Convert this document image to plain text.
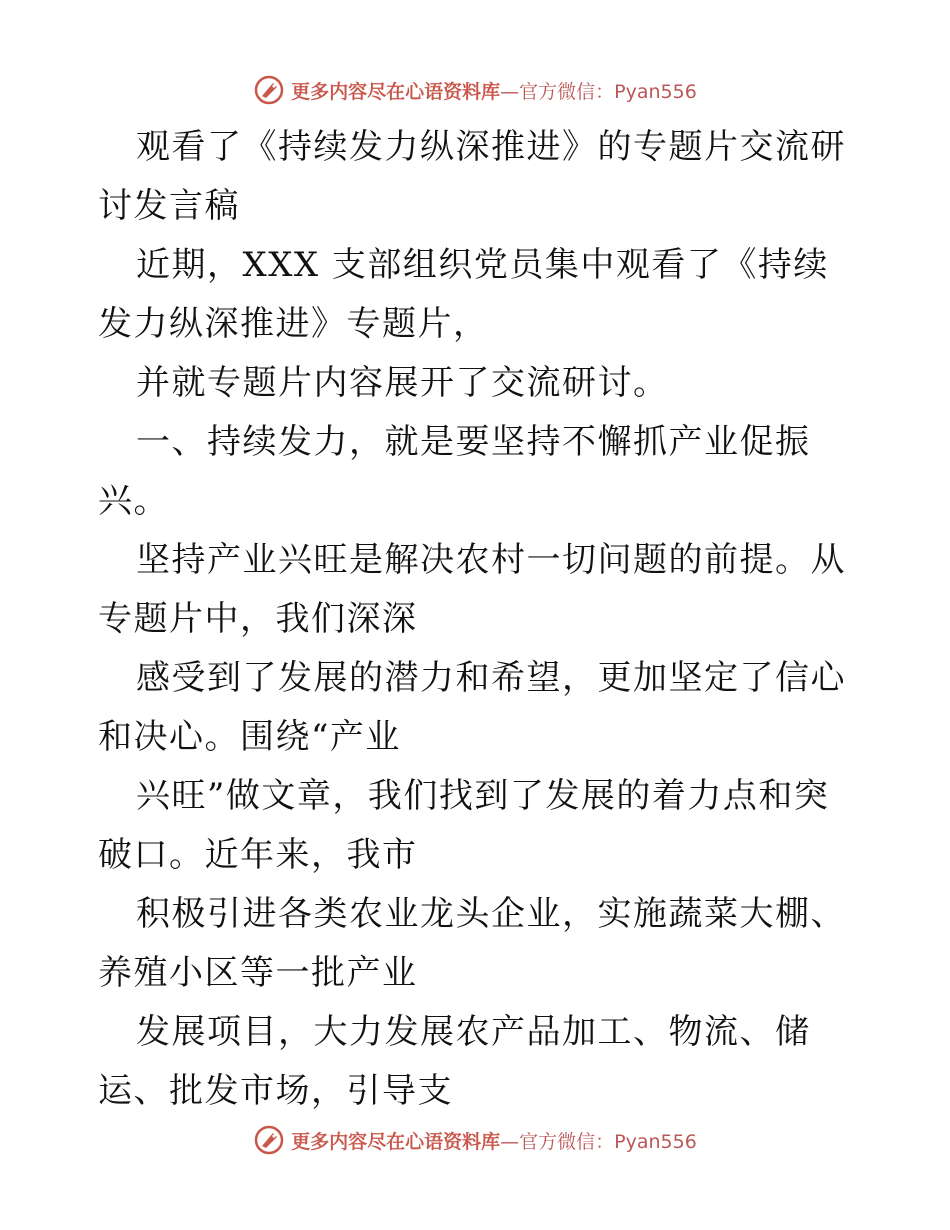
更多内容尽在心语资料库 —官方微信：Pyan556

观看了《持续发力纵深推进》的专题片交流研讨发言稿

近期，XXX 支部组织党员集中观看了《持续发力纵深推进》专题片，

并就专题片内容展开了交流研讨。

一、持续发力，就是要坚持不懈抓产业促振兴。

坚持产业兴旺是解决农村一切问题的前提。从专题片中，我们深深

感受到了发展的潜力和希望，更加坚定了信心和决心。围绕“产业

兴旺”做文章，我们找到了发展的着力点和突破口。近年来，我市

积极引进各类农业龙头企业，实施蔬菜大棚、养殖小区等一批产业

发展项目，大力发展农产品加工、物流、储运、批发市场，引导支

更多内容尽在心语资料库 —官方微信：Pyan556
